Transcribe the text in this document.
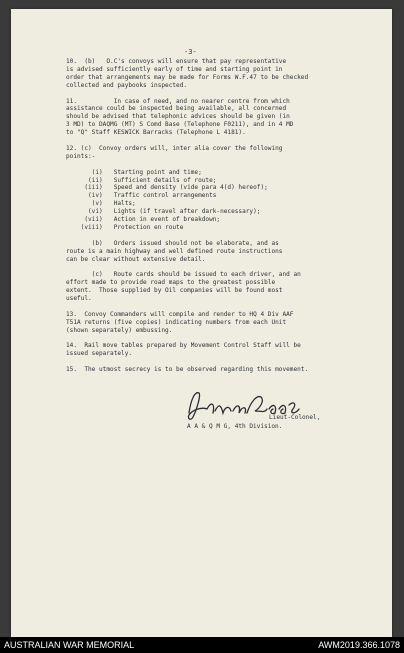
-3-
10.  (b)   O.C's convoys will ensure that pay representative
is advised sufficiently early of time and starting point in
order that arrangements may be made for Forms W.F.47 to be checked
collected and paybooks inspected.
11.          In case of need, and no nearer centre from which
assistance could be inspected being available, all concerned
should be advised that telephonic advices should be given (in
3 MD) to DAQMG (MT) S Comd Base (Telephone F0211), and in 4 MD
to "Q" Staff KESWICK Barracks (Telephone L 4181).
12. (c)  Convoy orders will, inter alia cover the following
points:-
(i)   Starting point and time;
(ii)   Sufficient details of route;
(iii)   Speed and density (vide para 4(d) hereof);
(iv)   Traffic control arrangements
(v)   Halts;
(vi)   Lights (if travel after dark-necessary);
(vii)   Action in event of breakdown;
(viii)   Protection en route
(b)   Orders issued should not be elaborate, and as
route is a main highway and well defined route instructions
can be clear without extensive detail.
(c)   Route cards should be issued to each driver, and an
effort made to provide road maps to the greatest possible
extent.  Those supplied by Oil companies will be found most
useful.
13.  Convoy Commanders will compile and render to HQ 4 Div AAF
T51A returns (five copies) indicating numbers from each Unit
(shown separately) embussing.
14.  Rail move tables prepared by Movement Control Staff will be
issued separately.
15.  The utmost secrecy is to be observed regarding this movement.
Lieut-Colonel,
A A & Q M G, 4th Division.
AUSTRALIAN WAR MEMORIAL	AWM2019.366.1078
